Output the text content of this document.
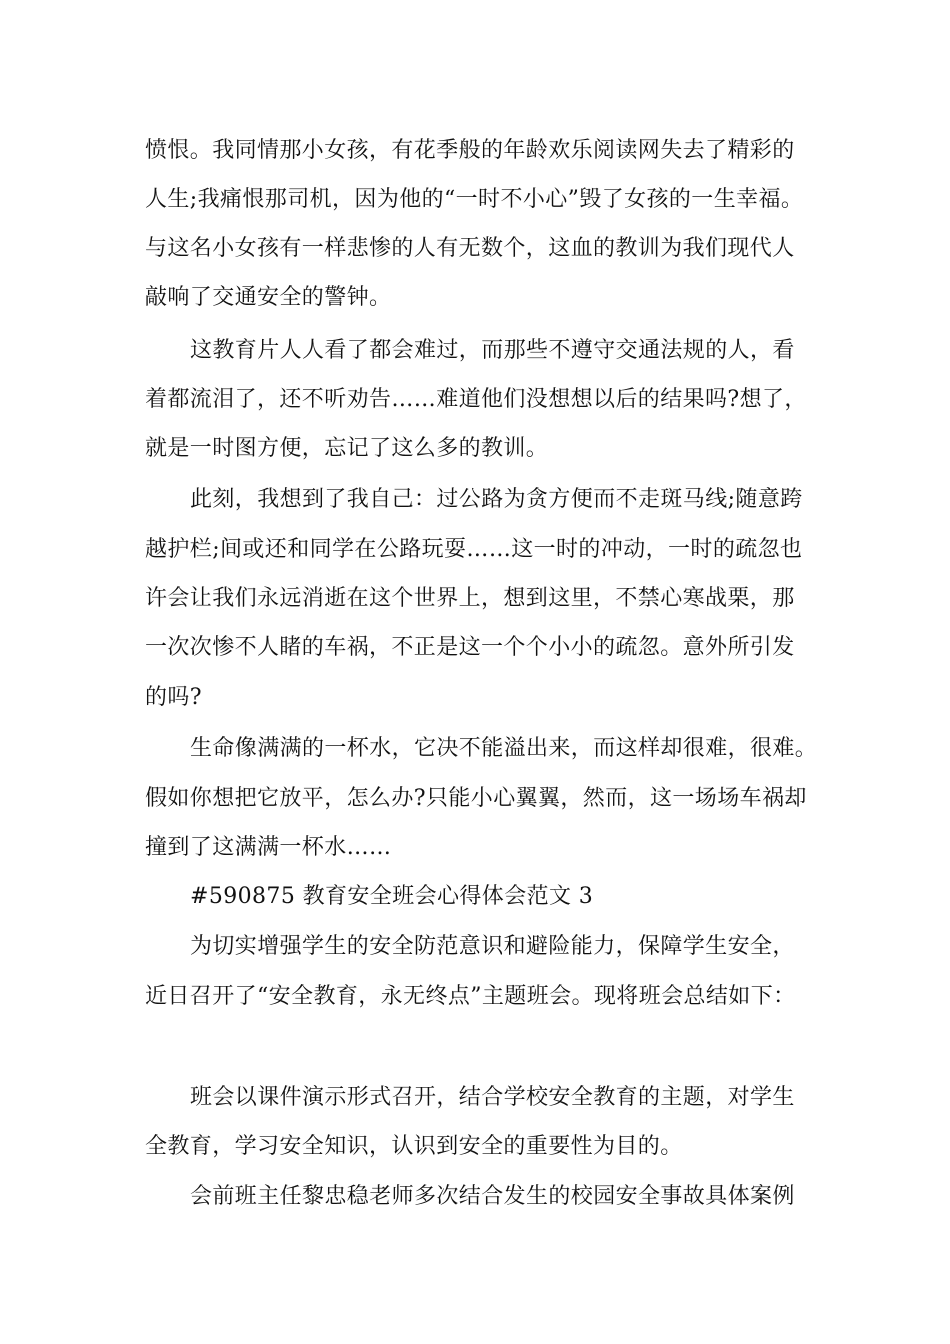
愤恨。我同情那小女孩，有花季般的年龄欢乐阅读网失去了精彩的
人生;我痛恨那司机，因为他的“一时不小心”毁了女孩的一生幸福。
与这名小女孩有一样悲惨的人有无数个，这血的教训为我们现代人
敲响了交通安全的警钟。
这教育片人人看了都会难过，而那些不遵守交通法规的人，看
着都流泪了，还不听劝告……难道他们没想想以后的结果吗?想了，
就是一时图方便，忘记了这么多的教训。
此刻，我想到了我自己：过公路为贪方便而不走斑马线;随意跨
越护栏;间或还和同学在公路玩耍……这一时的冲动，一时的疏忽也
许会让我们永远消逝在这个世界上，想到这里，不禁心寒战栗，那
一次次惨不人睹的车祸，不正是这一个个小小的疏忽。意外所引发
的吗?
生命像满满的一杯水，它决不能溢出来，而这样却很难，很难。
假如你想把它放平，怎么办?只能小心翼翼，然而，这一场场车祸却
撞到了这满满一杯水……
#590875 教育安全班会心得体会范文 3
为切实增强学生的安全防范意识和避险能力，保障学生安全，
近日召开了“安全教育，永无终点”主题班会。现将班会总结如下：
班会以课件演示形式召开，结合学校安全教育的主题，对学生
全教育，学习安全知识，认识到安全的重要性为目的。
会前班主任黎忠稳老师多次结合发生的校园安全事故具体案例
